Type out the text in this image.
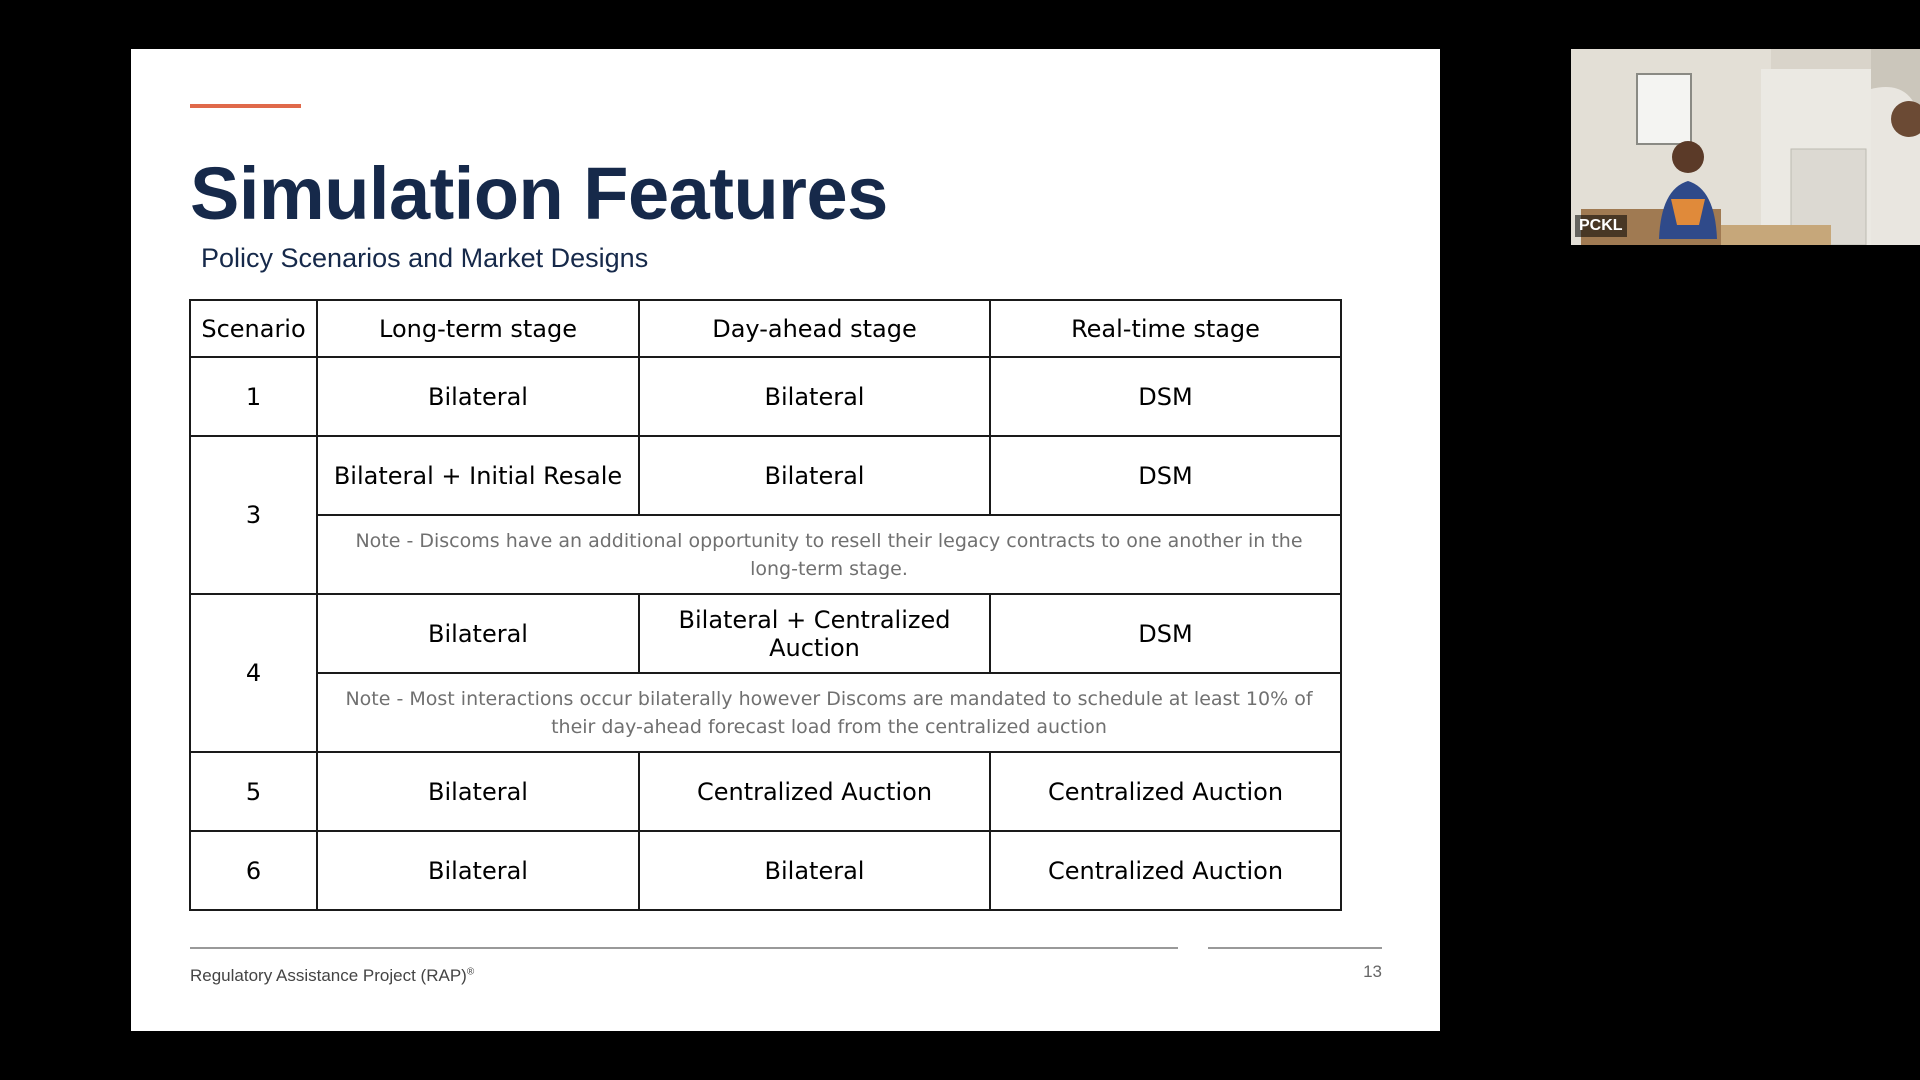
Simulation Features
Policy Scenarios and Market Designs
Scenario	Long-term stage	Day-ahead stage	Real-time stage
1	Bilateral	Bilateral	DSM
3	Bilateral + Initial Resale	Bilateral	DSM
	Note - Discoms have an additional opportunity to resell their legacy contracts to one another in the long-term stage.		
4	Bilateral	Bilateral + Centralized Auction	DSM
	Note - Most interactions occur bilaterally however Discoms are mandated to schedule at least 10% of their day-ahead forecast load from the centralized auction		
5	Bilateral	Centralized Auction	Centralized Auction
6	Bilateral	Bilateral	Centralized Auction
Regulatory Assistance Project (RAP)®	13
PCKL
